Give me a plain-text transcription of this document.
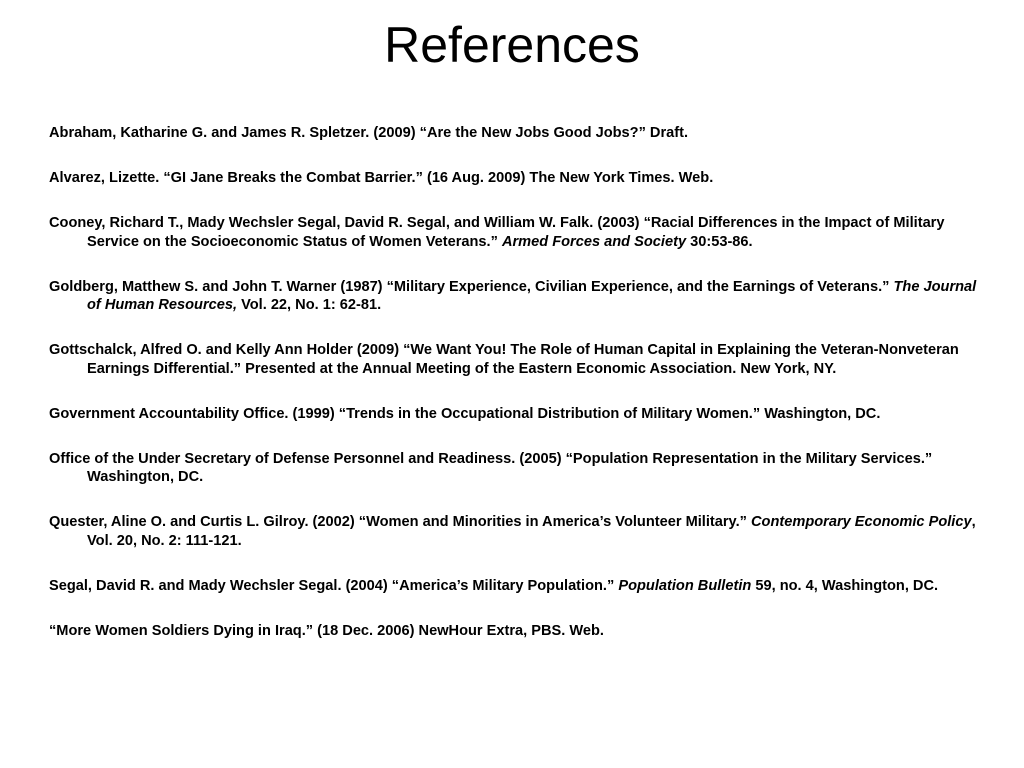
References
Abraham, Katharine G. and James R. Spletzer. (2009) “Are the New Jobs Good Jobs?” Draft.
Alvarez, Lizette. “GI Jane Breaks the Combat Barrier.” (16 Aug. 2009) The New York Times. Web.
Cooney, Richard T., Mady Wechsler Segal, David R. Segal, and William W. Falk. (2003) “Racial Differences in the Impact of Military Service on the Socioeconomic Status of Women Veterans.” Armed Forces and Society 30:53-86.
Goldberg, Matthew S. and John T. Warner (1987) “Military Experience, Civilian Experience, and the Earnings of Veterans.” The Journal of Human Resources, Vol. 22, No. 1: 62-81.
Gottschalck, Alfred O. and Kelly Ann Holder (2009) “We Want You! The Role of Human Capital in Explaining the Veteran-Nonveteran Earnings Differential.” Presented at the Annual Meeting of the Eastern Economic Association. New York, NY.
Government Accountability Office. (1999) “Trends in the Occupational Distribution of Military Women.” Washington, DC.
Office of the Under Secretary of Defense Personnel and Readiness. (2005) “Population Representation in the Military Services.” Washington, DC.
Quester, Aline O. and Curtis L. Gilroy. (2002) “Women and Minorities in America’s Volunteer Military.” Contemporary Economic Policy, Vol. 20, No. 2: 111-121.
Segal, David R. and Mady Wechsler Segal. (2004) “America’s Military Population.” Population Bulletin 59, no. 4, Washington, DC.
“More Women Soldiers Dying in Iraq.” (18 Dec. 2006) NewHour Extra, PBS. Web.
